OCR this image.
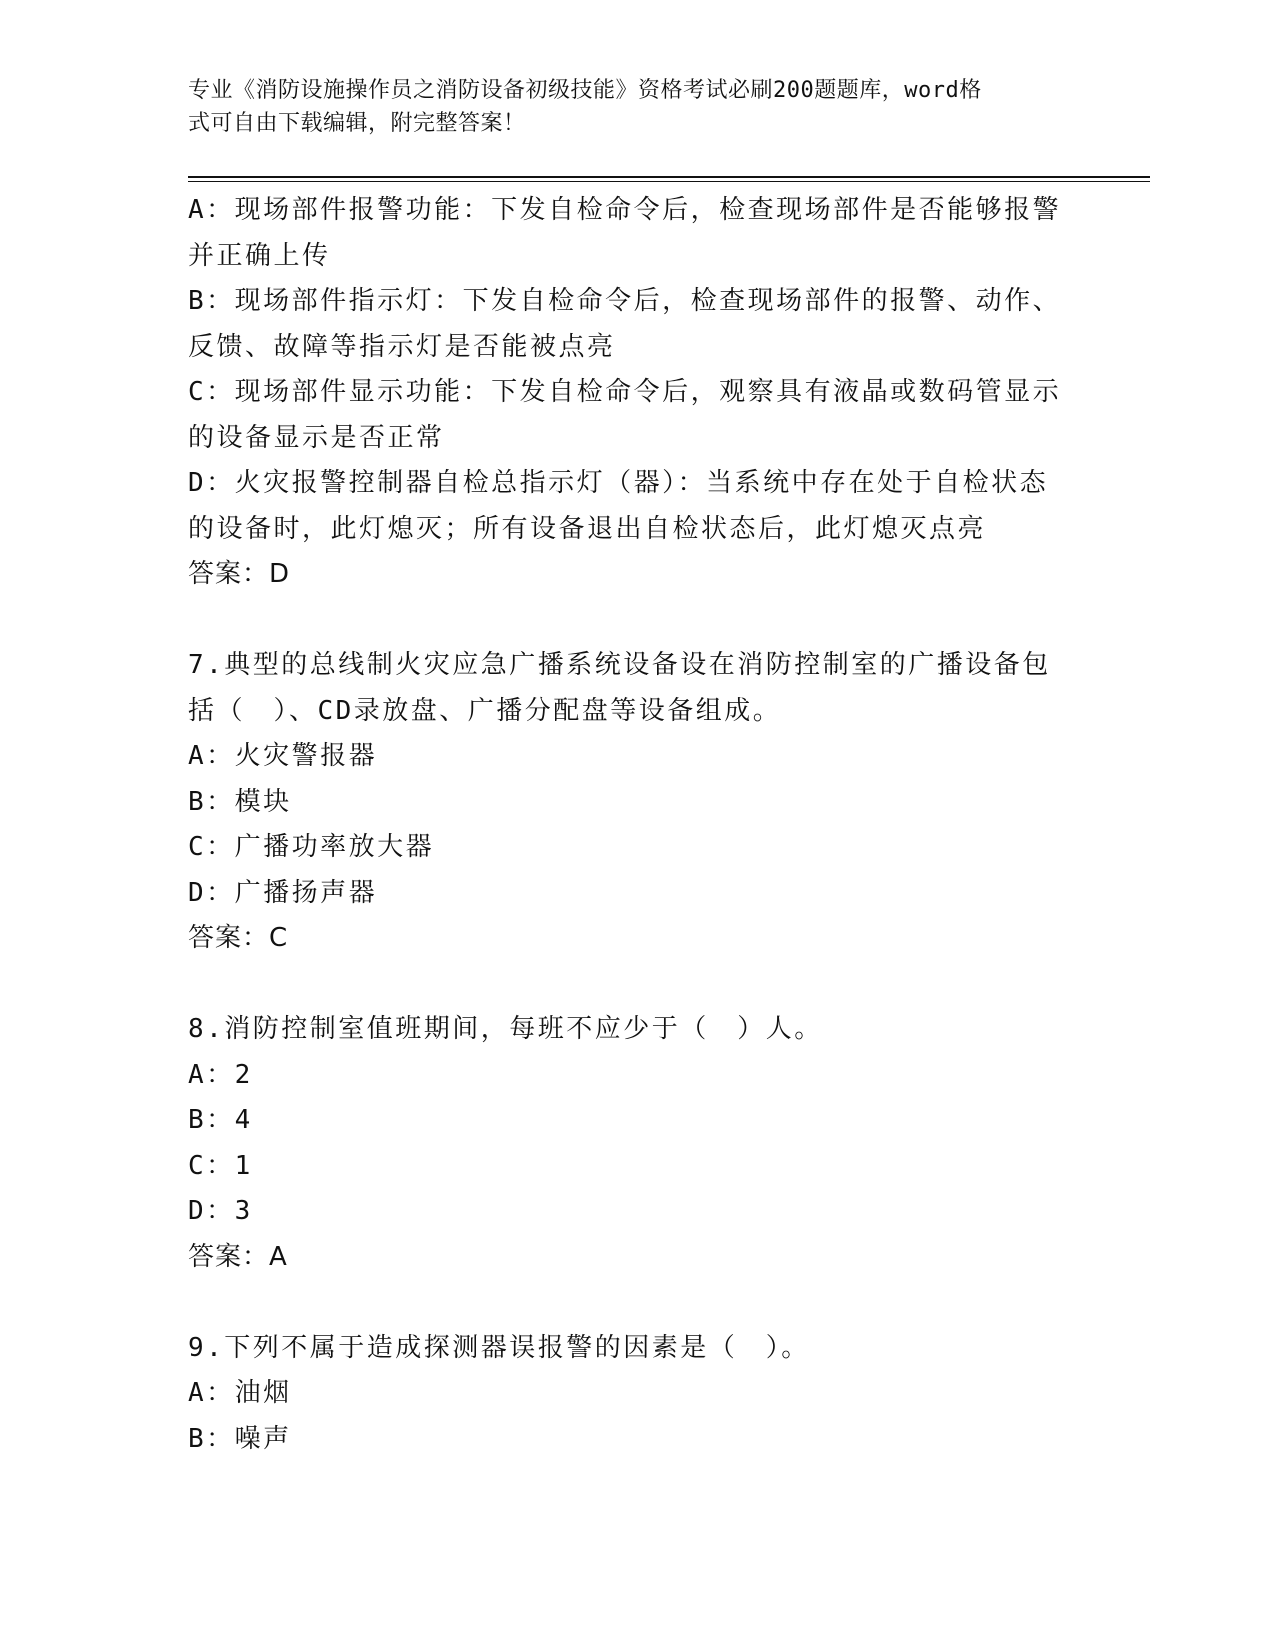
专业《消防设施操作员之消防设备初级技能》资格考试必刷200题题库，word格
式可自由下载编辑，附完整答案！
A：现场部件报警功能：下发自检命令后，检查现场部件是否能够报警
并正确上传
B：现场部件指示灯：下发自检命令后，检查现场部件的报警、动作、
反馈、故障等指示灯是否能被点亮
C：现场部件显示功能：下发自检命令后，观察具有液晶或数码管显示
的设备显示是否正常
D：火灾报警控制器自检总指示灯（器）：当系统中存在处于自检状态
的设备时，此灯熄灭；所有设备退出自检状态后，此灯熄灭点亮
答案：D
7.典型的总线制火灾应急广播系统设备设在消防控制室的广播设备包
括（　）、CD录放盘、广播分配盘等设备组成。
A：火灾警报器
B：模块
C：广播功率放大器
D：广播扬声器
答案：C
8.消防控制室值班期间，每班不应少于（　）人。
A：2
B：4
C：1
D：3
答案：A
9.下列不属于造成探测器误报警的因素是（　）。
A：油烟
B：噪声
